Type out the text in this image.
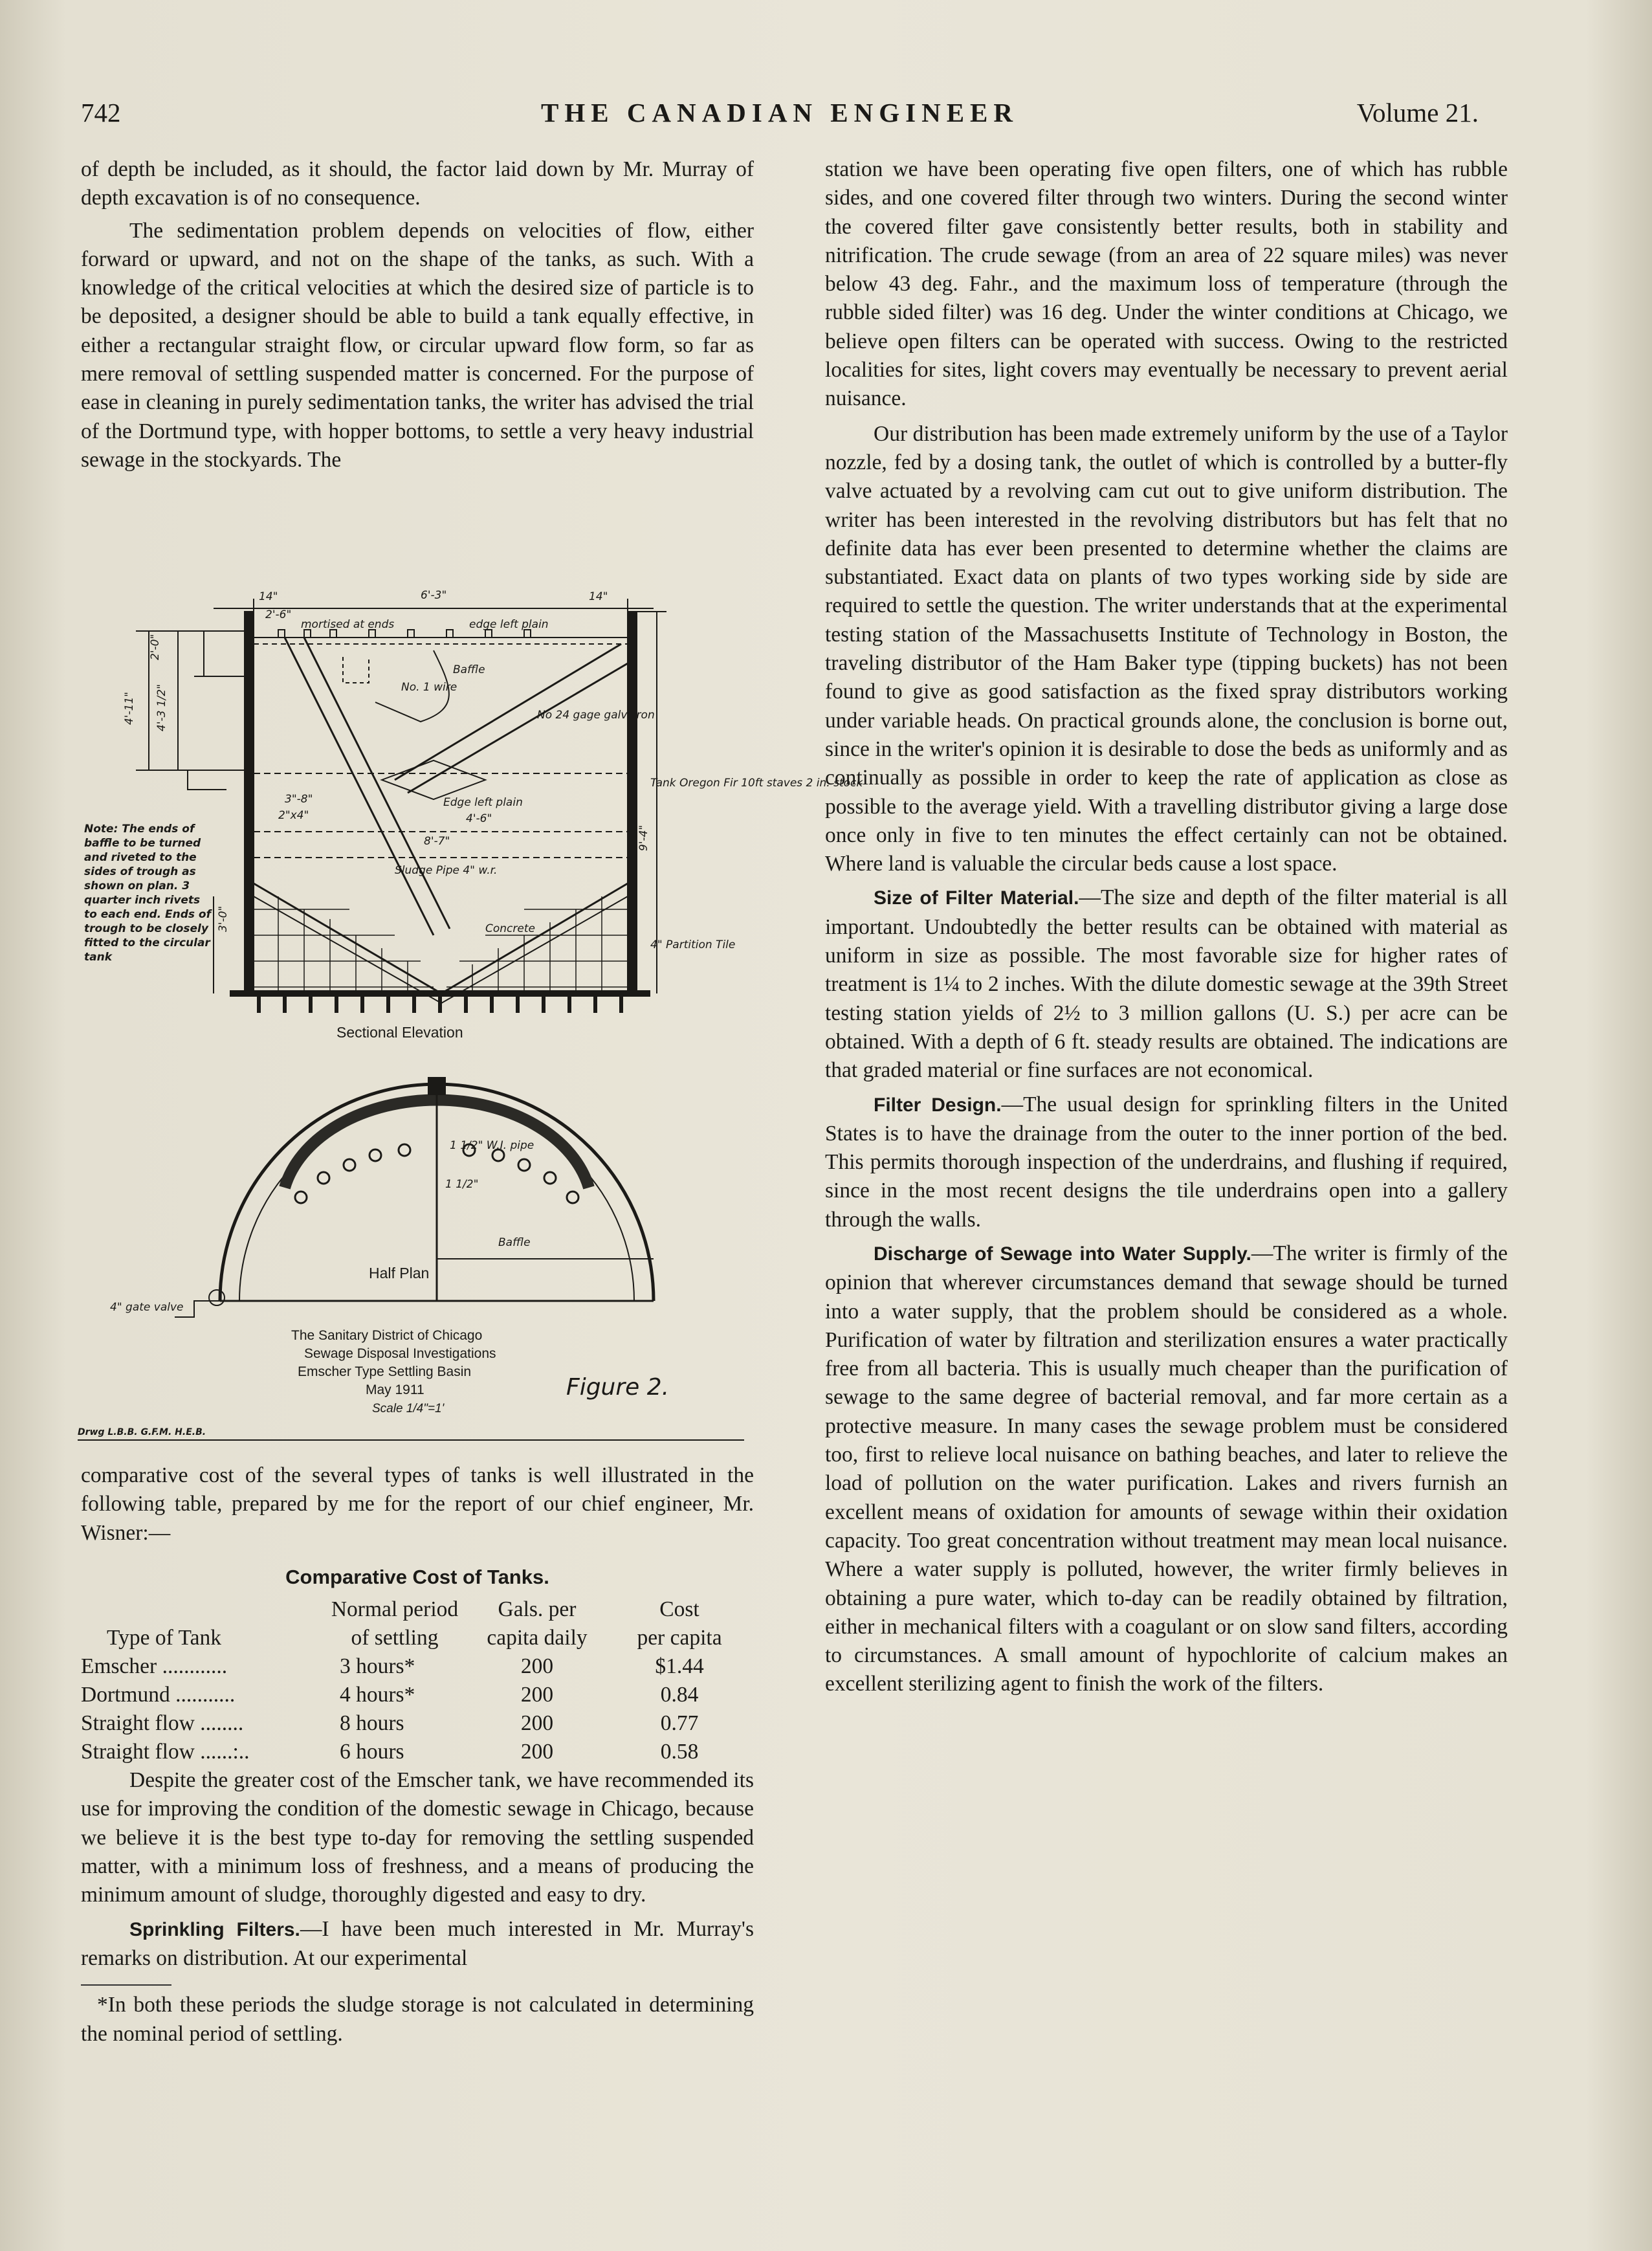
742	THE CANADIAN ENGINEER	Volume 21.

of depth be included, as it should, the factor laid down by Mr. Murray of depth excavation is of no consequence.

The sedimentation problem depends on velocities of flow, either forward or upward, and not on the shape of the tanks, as such. With a knowledge of the critical velocities at which the desired size of particle is to be deposited, a designer should be able to build a tank equally effective, in either a rectangular straight flow, or circular upward flow form, so far as mere removal of settling suspended matter is concerned. For the purpose of ease in cleaning in purely sedimentation tanks, the writer has advised the trial of the Dortmund type, with hopper bottoms, to settle a very heavy industrial sewage in the stockyards. The

14"	6'-3"	14"
2'-6"
mortised at ends	edge left plain
Baffle
2'-0"
4'-11" 4'-3 1/2"	No. 1 wire
No 24 gage galv. iron
Tank Oregon Fir 10ft staves 2 in. stock
Edge left plain
4'-6"
2"x4"
3"-8"
8'-7"	9'-4"
Sludge Pipe 4" w.r.
Concrete
4" Partition Tile
3'-0"
Note: The ends of baffle to be turned and riveted to the sides of trough as shown on plan. 3 quarter inch rivets to each end. Ends of trough to be closely fitted to the circular tank
Sectional Elevation
1 1/2" W.I. pipe
1 1/2"
Baffle
Half Plan
4" gate valve
The Sanitary District of Chicago
Sewage Disposal Investigations
Emscher Type Settling Basin
May 1911
Scale 1/4"=1'
Figure 2.
Drwg L.B.B. G.F.M. H.E.B.

comparative cost of the several types of tanks is well illustrated in the following table, prepared by me for the report of our chief engineer, Mr. Wisner:—

Comparative Cost of Tanks.
	Normal period	Gals. per	Cost
Type of Tank	of settling	capita daily	per capita
Emscher ............	3 hours*	200	$1.44
Dortmund ...........	4 hours*	200	0.84
Straight flow ........	8 hours	200	0.77
Straight flow ......:..	6 hours	200	0.58

Despite the greater cost of the Emscher tank, we have recommended its use for improving the condition of the domestic sewage in Chicago, because we believe it is the best type to-day for removing the settling suspended matter, with a minimum loss of freshness, and a means of producing the minimum amount of sludge, thoroughly digested and easy to dry.

Sprinkling Filters.—I have been much interested in Mr. Murray's remarks on distribution. At our experimental

*In both these periods the sludge storage is not calculated in determining the nominal period of settling.

station we have been operating five open filters, one of which has rubble sides, and one covered filter through two winters. During the second winter the covered filter gave consistently better results, both in stability and nitrification. The crude sewage (from an area of 22 square miles) was never below 43 deg. Fahr., and the maximum loss of temperature (through the rubble sided filter) was 16 deg. Under the winter conditions at Chicago, we believe open filters can be operated with success. Owing to the restricted localities for sites, light covers may eventually be necessary to prevent aerial nuisance.

Our distribution has been made extremely uniform by the use of a Taylor nozzle, fed by a dosing tank, the outlet of which is controlled by a butter-fly valve actuated by a revolving cam cut out to give uniform distribution. The writer has been interested in the revolving distributors but has felt that no definite data has ever been presented to determine whether the claims are substantiated. Exact data on plants of two types working side by side are required to settle the question. The writer understands that at the experimental testing station of the Massachusetts Institute of Technology in Boston, the traveling distributor of the Ham Baker type (tipping buckets) has not been found to give as good satisfaction as the fixed spray distributors working under variable heads. On practical grounds alone, the conclusion is borne out, since in the writer's opinion it is desirable to dose the beds as uniformly and as continually as possible in order to keep the rate of application as close as possible to the average yield. With a travelling distributor giving a large dose once only in five to ten minutes the effect certainly can not be obtained. Where land is valuable the circular beds cause a lost space.

Size of Filter Material.—The size and depth of the filter material is all important. Undoubtedly the better results can be obtained with material as uniform in size as possible. The most favorable size for higher rates of treatment is 1¼ to 2 inches. With the dilute domestic sewage at the 39th Street testing station yields of 2½ to 3 million gallons (U. S.) per acre can be obtained. With a depth of 6 ft. steady results are obtained. The indications are that graded material or fine surfaces are not economical.

Filter Design.—The usual design for sprinkling filters in the United States is to have the drainage from the outer to the inner portion of the bed. This permits thorough inspection of the underdrains, and flushing if required, since in the most recent designs the tile underdrains open into a gallery through the walls.

Discharge of Sewage into Water Supply.—The writer is firmly of the opinion that wherever circumstances demand that sewage should be turned into a water supply, that the problem should be considered as a whole. Purification of water by filtration and sterilization ensures a water practically free from all bacteria. This is usually much cheaper than the purification of sewage to the same degree of bacterial removal, and far more certain as a protective measure. In many cases the sewage problem must be considered too, first to relieve local nuisance on bathing beaches, and later to relieve the load of pollution on the water purification. Lakes and rivers furnish an excellent means of oxidation for amounts of sewage within their oxidation capacity. Too great concentration without treatment may mean local nuisance. Where a water supply is polluted, however, the writer firmly believes in obtaining a pure water, which to-day can be readily obtained by filtration, either in mechanical filters with a coagulant or on slow sand filters, according to circumstances. A small amount of hypochlorite of calcium makes an excellent sterilizing agent to finish the work of the filters.
